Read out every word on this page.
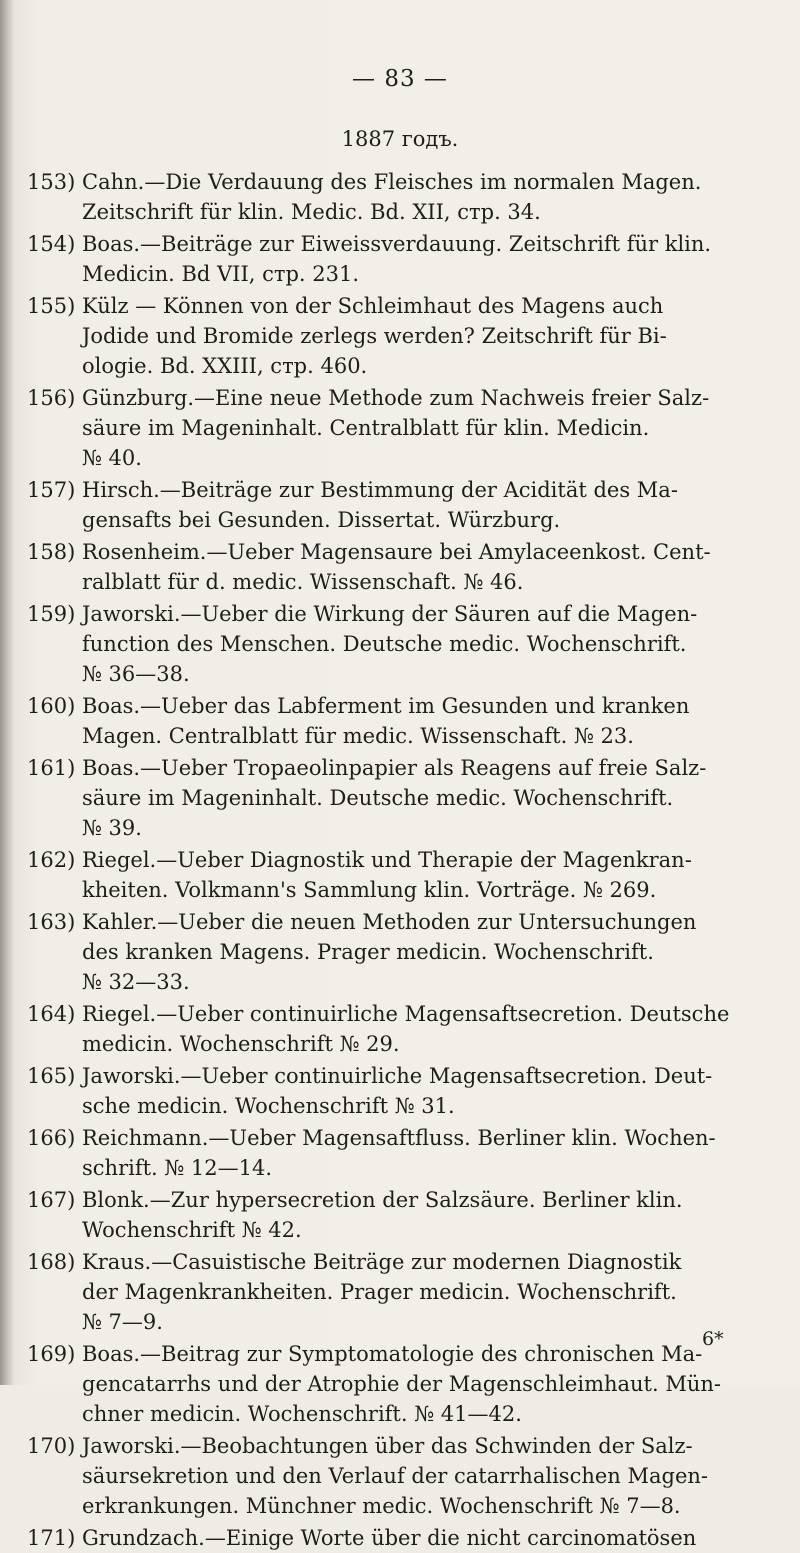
— 83 —
1887 годъ.
153) Cahn.—Die Verdauung des Fleisches im normalen Magen.
Zeitschrift für klin. Medic. Bd. XII, стр. 34.
154) Boas.—Beiträge zur Eiweissverdauung. Zeitschrift für klin.
Medicin. Bd VII, стр. 231.
155) Külz — Können von der Schleimhaut des Magens auch
Jodide und Bromide zerlegs werden? Zeitschrift für Bi-
ologie. Bd. XXIII, стр. 460.
156) Günzburg.—Eine neue Methode zum Nachweis freier Salz-
säure im Mageninhalt. Centralblatt für klin. Medicin.
№ 40.
157) Hirsch.—Beiträge zur Bestimmung der Acidität des Ma-
gensafts bei Gesunden. Dissertat. Würzburg.
158) Rosenheim.—Ueber Magensaure bei Amylaceenkost. Cent-
ralblatt für d. medic. Wissenschaft. № 46.
159) Jaworski.—Ueber die Wirkung der Säuren auf die Magen-
function des Menschen. Deutsche medic. Wochenschrift.
№ 36—38.
160) Boas.—Ueber das Labferment im Gesunden und kranken
Magen. Centralblatt für medic. Wissenschaft. № 23.
161) Boas.—Ueber Tropaeolinpapier als Reagens auf freie Salz-
säure im Mageninhalt. Deutsche medic. Wochenschrift.
№ 39.
162) Riegel.—Ueber Diagnostik und Therapie der Magenkran-
kheiten. Volkmann's Sammlung klin. Vorträge. № 269.
163) Kahler.—Ueber die neuen Methoden zur Untersuchungen
des kranken Magens. Prager medicin. Wochenschrift.
№ 32—33.
164) Riegel.—Ueber continuirliche Magensaftsecretion. Deutsche
medicin. Wochenschrift № 29.
165) Jaworski.—Ueber continuirliche Magensaftsecretion. Deut-
sche medicin. Wochenschrift № 31.
166) Reichmann.—Ueber Magensaftfluss. Berliner klin. Wochen-
schrift. № 12—14.
167) Blonk.—Zur hypersecretion der Salzsäure. Berliner klin.
Wochenschrift № 42.
168) Kraus.—Casuistische Beiträge zur modernen Diagnostik
der Magenkrankheiten. Prager medicin. Wochenschrift.
№ 7—9.
169) Boas.—Beitrag zur Symptomatologie des chronischen Ma-
gencatarrhs und der Atrophie der Magenschleimhaut. Mün-
chner medicin. Wochenschrift. № 41—42.
170) Jaworski.—Beobachtungen über das Schwinden der Salz-
säursekretion und den Verlauf der catarrhalischen Magen-
erkrankungen. Münchner medic. Wochenschrift № 7—8.
171) Grundzach.—Einige Worte über die nicht carcinomatösen
6*
